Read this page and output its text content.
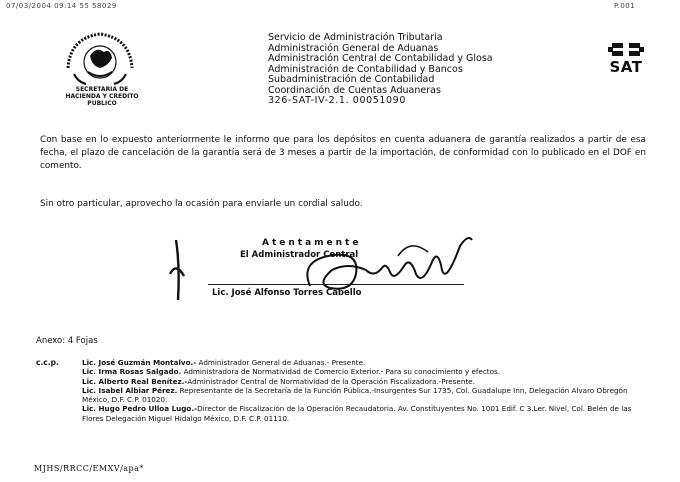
07/03/2004 09:14 55 58029	P.001
SECRETARIA DE
HACIENDA Y CREDITO
PUBLICO
Servicio de Administración Tributaria
Administración General de Aduanas
Administración Central de Contabilidad y Glosa
Administración de Contabilidad y Bancos
Subadministración de Contabilidad
Coordinación de Cuentas Aduaneras
326-SAT-IV-2.1. 00051090
SAT
Con base en lo expuesto anteriormente le informo que para los depósitos en cuenta aduanera de garantía realizados a partir de esa fecha, el plazo de cancelación de la garantía será de 3 meses a partir de la importación, de conformidad con lo publicado en el DOF en comento.
Sin otro particular, aprovecho la ocasión para enviarle un cordial saludo.
Atentamente
El Administrador Central
Lic. José Alfonso Torres Cabello
Anexo: 4 Fojas
c.c.p.	Lic. José Guzmán Montalvo.- Administrador General de Aduanas.- Presente.

Lic. Irma Rosas Salgado. Administradora de Normatividad de Comercio Exterior.- Para su conocimiento y efectos.

Lic. Alberto Real Benítez.-Administrador Central de Normatividad de la Operación Fiscalizadora.-Presente.

Lic. Isabel Albiar Pérez. Representante de la Secretaría de la Función Pública.-Insurgentes Sur 1735, Col. Guadalupe Inn, Delegación Alvaro Obregón México, D.F. C.P. 01020.

Lic. Hugo Pedro Ulloa Lugo.-Director de Fiscalización de la Operación Recaudatoria. Av. Constituyentes No. 1001 Edif. C 3.Ler. Nivel, Col. Belén de las Flores Delegación Miguel Hidalgo México, D.F. C.P. 01110.

MJHS/RRCC/EMXV/apa*
